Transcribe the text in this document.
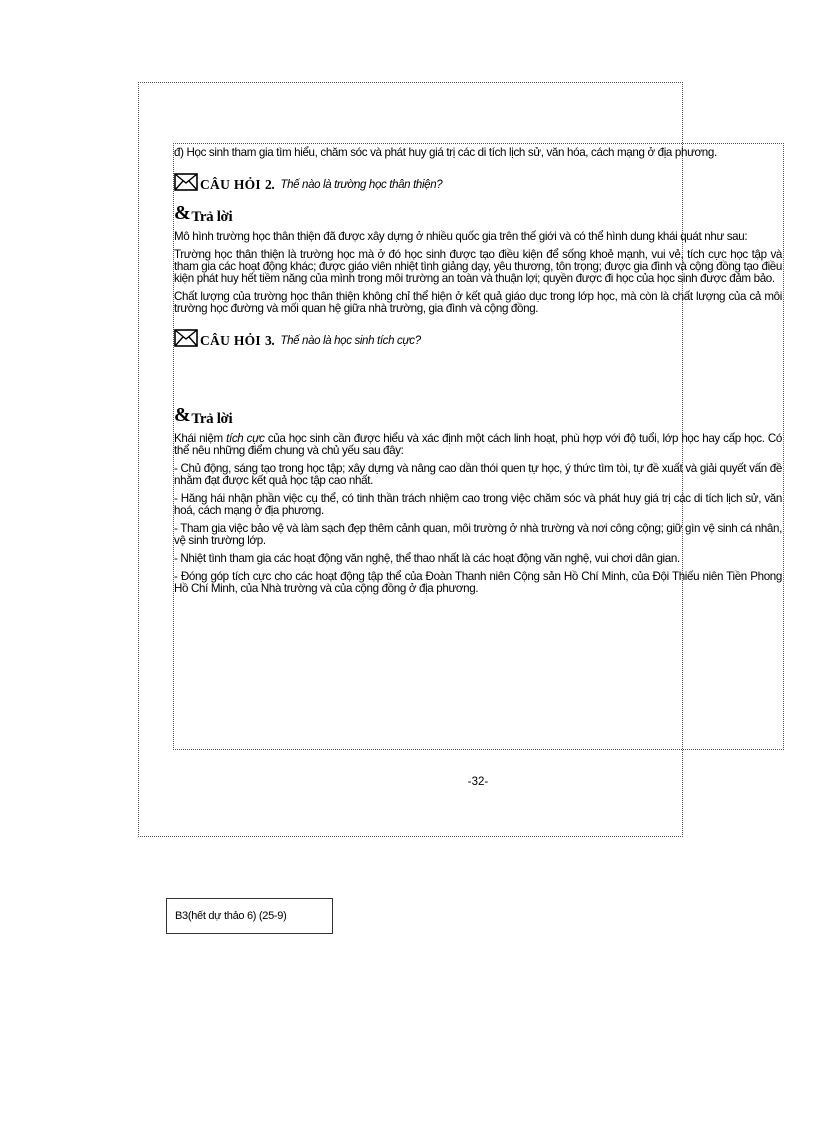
đ) Học sinh tham gia tìm hiểu, chăm sóc và phát huy giá trị các di tích lịch sử, văn hóa, cách mạng ở địa phương.

CÂU HỎI 2. Thế nào là trường học thân thiện?
& Trả lời

Mô hình trường học thân thiện đã được xây dựng ở nhiều quốc gia trên thế giới và có thể hình dung khái quát như sau:

Trường học thân thiện là trường học mà ở đó học sinh được tạo điều kiện để sống khoẻ mạnh, vui vẻ, tích cực học tập và tham gia các hoạt động khác; được giáo viên nhiệt tình giảng dạy, yêu thương, tôn trọng; được gia đình và cộng đồng tạo điều kiện phát huy hết tiềm năng của mình trong môi trường an toàn và thuận lợi; quyền được đi học của học sinh được đảm bảo.

Chất lượng của trường học thân thiện không chỉ thể hiện ở kết quả giáo dục trong lớp học, mà còn là chất lượng của cả môi trường học đường và mối quan hệ giữa nhà trường, gia đình và cộng đồng.

CÂU HỎI 3. Thế nào là học sinh tích cực?
& Trả lời

Khái niệm tích cực của học sinh cần được hiểu và xác định một cách linh hoạt, phù hợp với độ tuổi, lớp học hay cấp học. Có thể nêu những điểm chung và chủ yếu sau đây:

- Chủ động, sáng tạo trong học tập; xây dựng và nâng cao dần thói quen tự học, ý thức tìm tòi, tự đề xuất và giải quyết vấn đề nhằm đạt được kết quả học tập cao nhất.

- Hăng hái nhận phần việc cụ thể, có tinh thần trách nhiệm cao trong việc chăm sóc và phát huy giá trị các di tích lịch sử, văn hoá, cách mạng ở địa phương.

- Tham gia việc bảo vệ và làm sạch đẹp thêm cảnh quan, môi trường ở nhà trường và nơi công cộng; giữ gìn vệ sinh cá nhân, vệ sinh trường lớp.

- Nhiệt tình tham gia các hoạt động văn nghệ, thể thao nhất là các hoạt động văn nghệ, vui chơi dân gian.

- Đóng góp tích cực cho các hoạt động tập thể của Đoàn Thanh niên Cộng sản Hồ Chí Minh, của Đội Thiếu niên Tiền Phong Hồ Chí Minh, của Nhà trường và của cộng đồng ở địa phương.

-32-
B3(hết dự thảo 6) (25-9)
